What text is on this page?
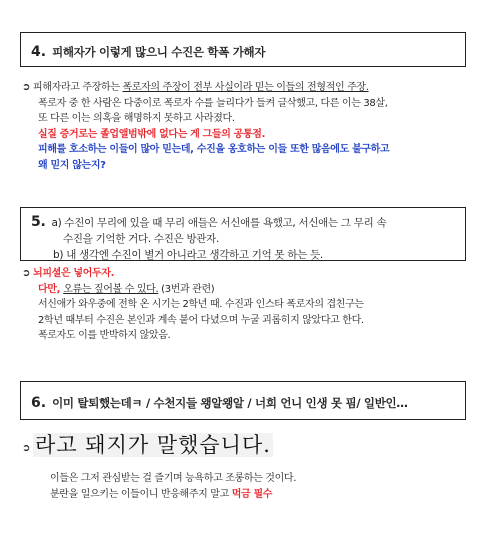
4. 피해자가 이렇게 많으니 수진은 학폭 가해자
➲ 피해자라고 주장하는 폭로자의 주장이 전부 사실이라 믿는 이들의 전형적인 주장.
폭로자 중 한 사람은 다중이로 폭로자 수를 늘리다가 들켜 글삭했고, 다른 이는 38살,
또 다른 이는 의혹을 해명하지 못하고 사라졌다.
실질 증거로는 졸업앨범밖에 없다는 게 그들의 공통점.
피해를 호소하는 이들이 많아 믿는데, 수진을 옹호하는 이들 또한 많음에도 불구하고
왜 믿지 않는지?
5. a) 수진이 무리에 있을 때 무리 애들은 서신애를 욕했고, 서신애는 그 무리 속
수진을 기억한 거다. 수진은 방관자.
b) 내 생각엔 수진이 별거 아니라고 생각하고 기억 못 하는 듯.
➲ 뇌피셜은 넣어두자.
다만, 오류는 짚어볼 수 있다. (3번과 관련)
서신애가 와우중에 전학 온 시기는 2학년 때. 수진과 인스타 폭로자의 겹친구는
2학년 때부터 수진은 본인과 계속 붙어 다녔으며 누굴 괴롭히지 않았다고 한다.
폭로자도 이를 반박하지 않았음.
6. 이미 탈퇴했는데ㅋ / 수천지들 왱알왱알 / 너희 언니 인생 못 핌/ 일반인…
➲ 라고 돼지가 말했습니다.
이들은 그저 관심받는 걸 즐기며 능욕하고 조롱하는 것이다.
분란을 일으키는 이들이니 반응해주지 말고 먹금 필수
